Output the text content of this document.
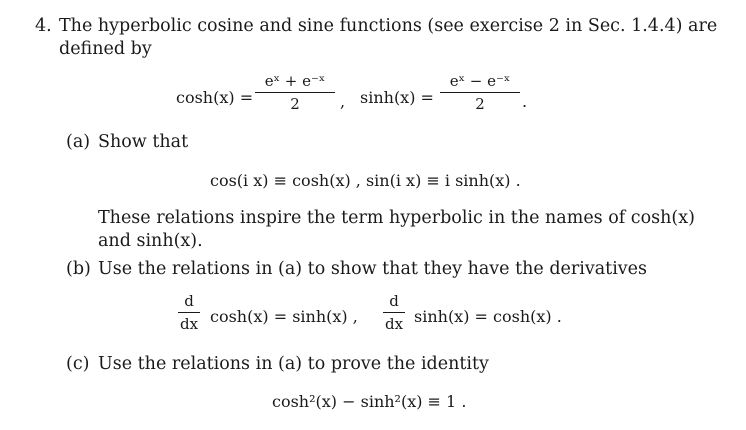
4. The hyperbolic cosine and sine functions (see exercise 2 in Sec. 1.4.4) are
defined by
cosh(x) =
eˣ + e⁻ˣ
2	, sinh(x) =
eˣ − e⁻ˣ
2	.
(a) Show that
cos(i x) ≡ cosh(x) , sin(i x) ≡ i sinh(x) .
These relations inspire the term hyperbolic in the names of cosh(x)
and sinh(x).
(b) Use the relations in (a) to show that they have the derivatives
d
dx cosh(x) = sinh(x) ,
d
dx sinh(x) = cosh(x) .
(c) Use the relations in (a) to prove the identity
cosh²(x) − sinh²(x) ≡ 1 .
